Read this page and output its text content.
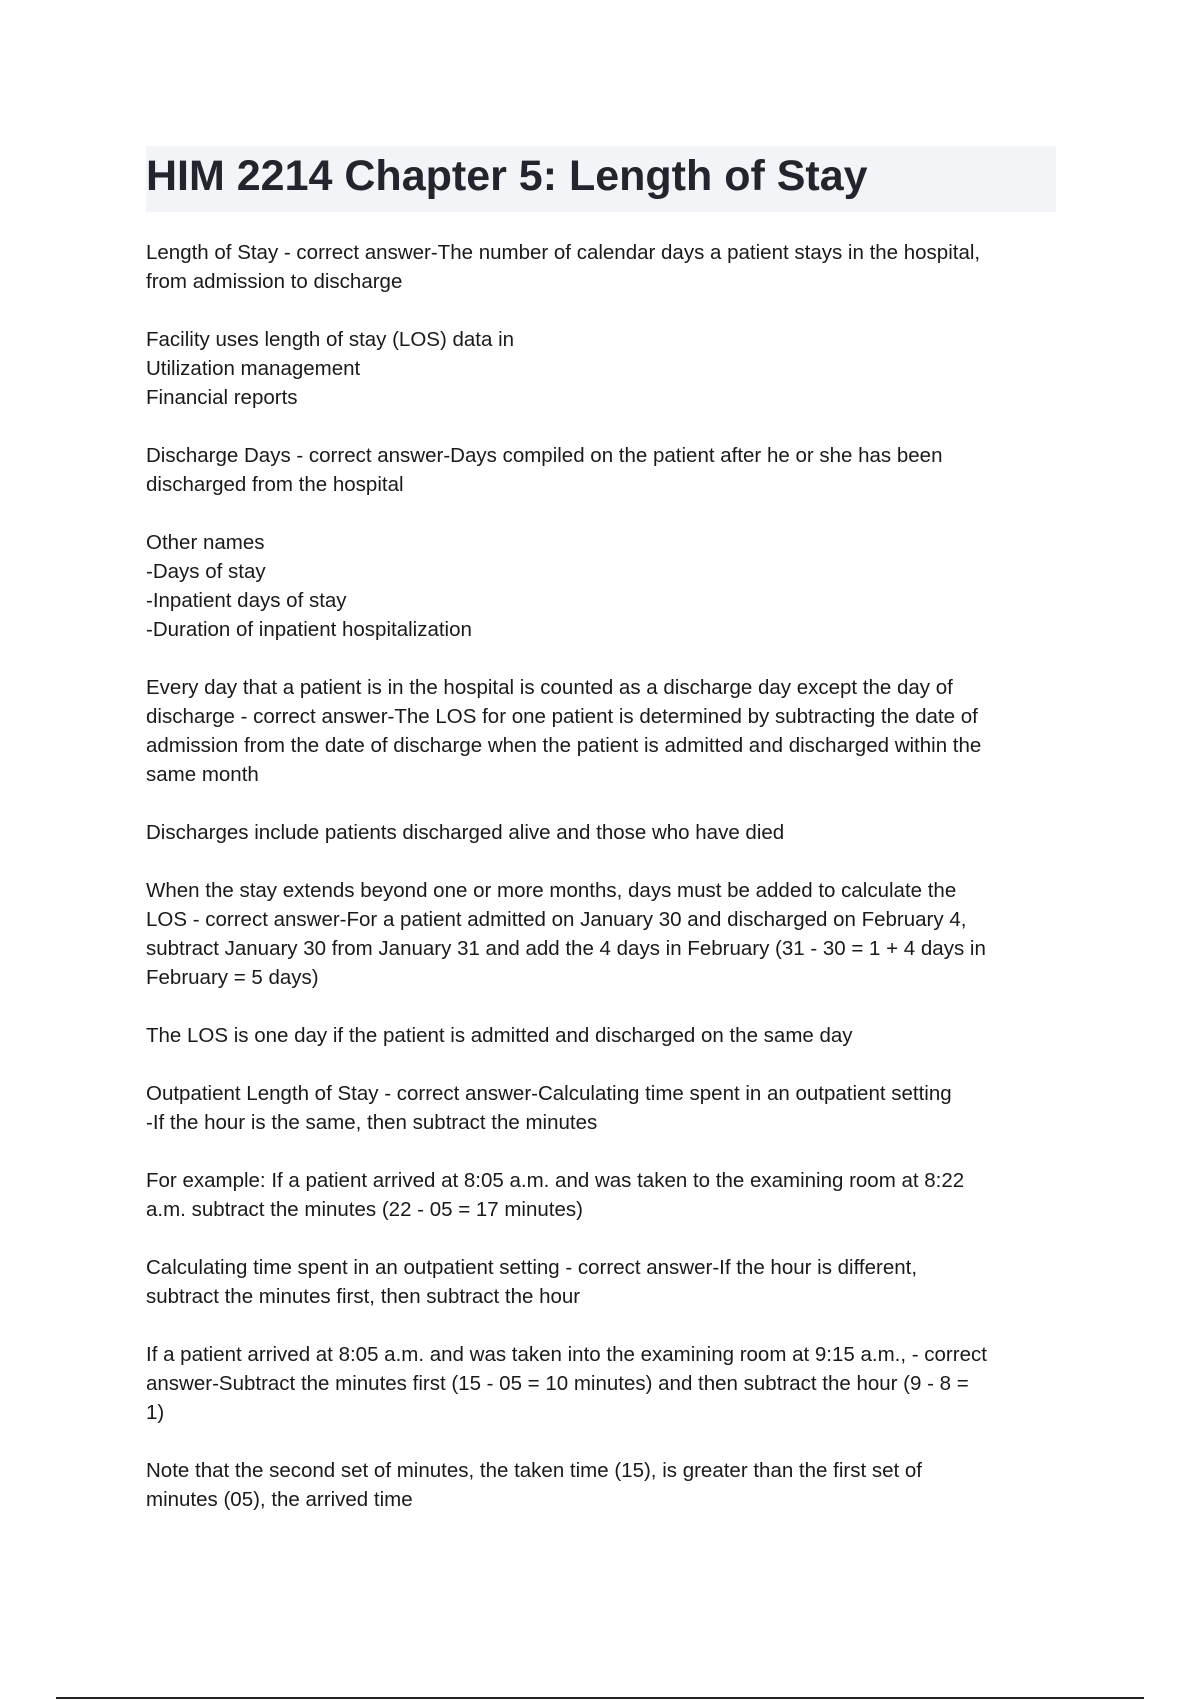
HIM 2214 Chapter 5: Length of Stay

Length of Stay - correct answer-The number of calendar days a patient stays in the hospital,
from admission to discharge

Facility uses length of stay (LOS) data in
Utilization management
Financial reports

Discharge Days - correct answer-Days compiled on the patient after he or she has been
discharged from the hospital

Other names
-Days of stay
-Inpatient days of stay
-Duration of inpatient hospitalization

Every day that a patient is in the hospital is counted as a discharge day except the day of
discharge - correct answer-The LOS for one patient is determined by subtracting the date of
admission from the date of discharge when the patient is admitted and discharged within the
same month

Discharges include patients discharged alive and those who have died

When the stay extends beyond one or more months, days must be added to calculate the
LOS - correct answer-For a patient admitted on January 30 and discharged on February 4,
subtract January 30 from January 31 and add the 4 days in February (31 - 30 = 1 + 4 days in
February = 5 days)

The LOS is one day if the patient is admitted and discharged on the same day

Outpatient Length of Stay - correct answer-Calculating time spent in an outpatient setting
-If the hour is the same, then subtract the minutes

For example: If a patient arrived at 8:05 a.m. and was taken to the examining room at 8:22
a.m. subtract the minutes (22 - 05 = 17 minutes)

Calculating time spent in an outpatient setting - correct answer-If the hour is different,
subtract the minutes first, then subtract the hour

If a patient arrived at 8:05 a.m. and was taken into the examining room at 9:15 a.m., - correct
answer-Subtract the minutes first (15 - 05 = 10 minutes) and then subtract the hour (9 - 8 =
1)

Note that the second set of minutes, the taken time (15), is greater than the first set of
minutes (05), the arrived time
